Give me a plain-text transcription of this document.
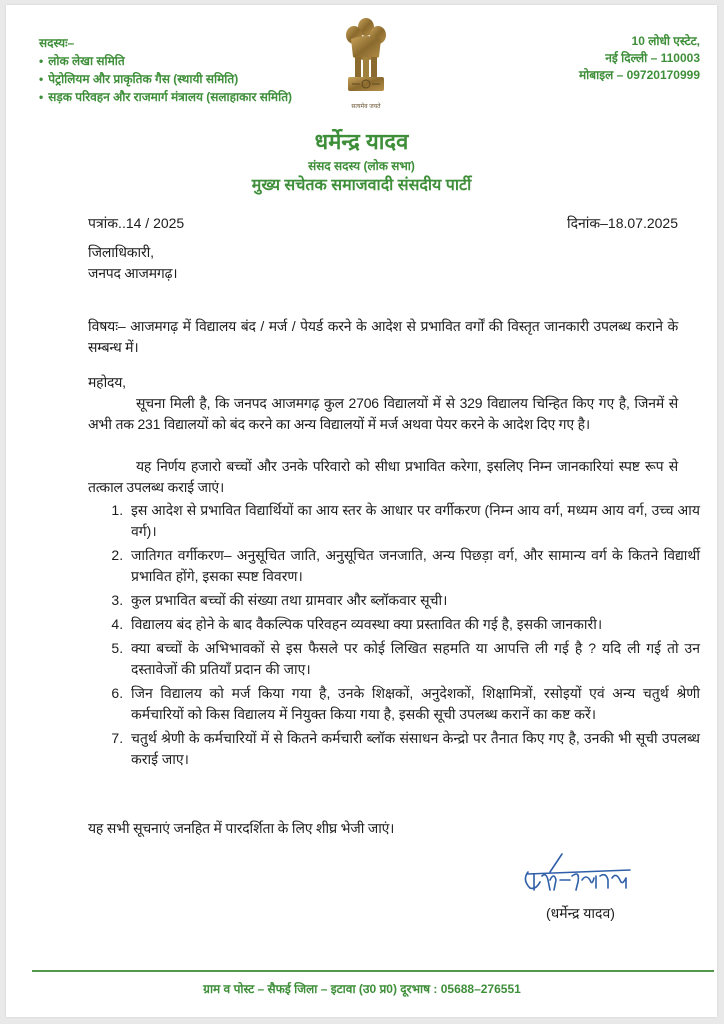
सदस्यः–
• लोक लेखा समिति
• पेट्रोलियम और प्राकृतिक गैस (स्थायी समिति)
• सड़क परिवहन और राजमार्ग मंत्रालय (सलाहाकार समिति)
सत्यमेव जयते
10 लोधी एस्टेट,
नई दिल्ली – 110003
मोबाइल – 09720170999
धर्मेन्द्र यादव
संसद सदस्य (लोक सभा)
मुख्य सचेतक समाजवादी संसदीय पार्टी
पत्रांक..14 / 2025	दिनांक–18.07.2025
जिलाधिकारी,
जनपद आजमगढ़।
विषयः– आजमगढ़ में विद्यालय बंद / मर्ज / पेयर्ड करने के आदेश से प्रभावित वर्गों की विस्तृत जानकारी उपलब्ध कराने के सम्बन्ध में।
महोदय,
सूचना मिली है, कि जनपद आजमगढ़ कुल 2706 विद्यालयों में से 329 विद्यालय चिन्हित किए गए है, जिनमें से अभी तक 231 विद्यालयों को बंद करने का अन्य विद्यालयों में मर्ज अथवा पेयर करने के आदेश दिए गए है।
यह निर्णय हजारो बच्चों और उनके परिवारो को सीधा प्रभावित करेगा, इसलिए निम्न जानकारियां स्पष्ट रूप से तत्काल उपलब्ध कराई जाएं।
1. इस आदेश से प्रभावित विद्यार्थियों का आय स्तर के आधार पर वर्गीकरण (निम्न आय वर्ग, मध्यम आय वर्ग, उच्च आय वर्ग)।
2. जातिगत वर्गीकरण– अनुसूचित जाति, अनुसूचित जनजाति, अन्य पिछड़ा वर्ग, और सामान्य वर्ग के कितने विद्यार्थी प्रभावित होंगे, इसका स्पष्ट विवरण।
3. कुल प्रभावित बच्चों की संख्या तथा ग्रामवार और ब्लॉकवार सूची।
4. विद्यालय बंद होने के बाद वैकल्पिक परिवहन व्यवस्था क्या प्रस्तावित की गई है, इसकी जानकारी।
5. क्या बच्चों के अभिभावकों से इस फैसले पर कोई लिखित सहमति या आपत्ति ली गई है ? यदि ली गई तो उन दस्तावेजों की प्रतियाँ प्रदान की जाए।
6. जिन विद्यालय को मर्ज किया गया है, उनके शिक्षकों, अनुदेशकों, शिक्षामित्रों, रसोइयों एवं अन्य चतुर्थ श्रेणी कर्मचारियों को किस विद्यालय में नियुक्त किया गया है, इसकी सूची उपलब्ध करानें का कष्ट करें।
7. चतुर्थ श्रेणी के कर्मचारियों में से कितने कर्मचारी ब्लॉक संसाधन केन्द्रो पर तैनात किए गए है, उनकी भी सूची उपलब्ध कराई जाए।
यह सभी सूचनाएं जनहित में पारदर्शिता के लिए शीघ्र भेजी जाएं।
(धर्मेन्द्र यादव)
ग्राम व पोस्ट – सैफई जिला – इटावा (उ0 प्र0) दूरभाष : 05688–276551
